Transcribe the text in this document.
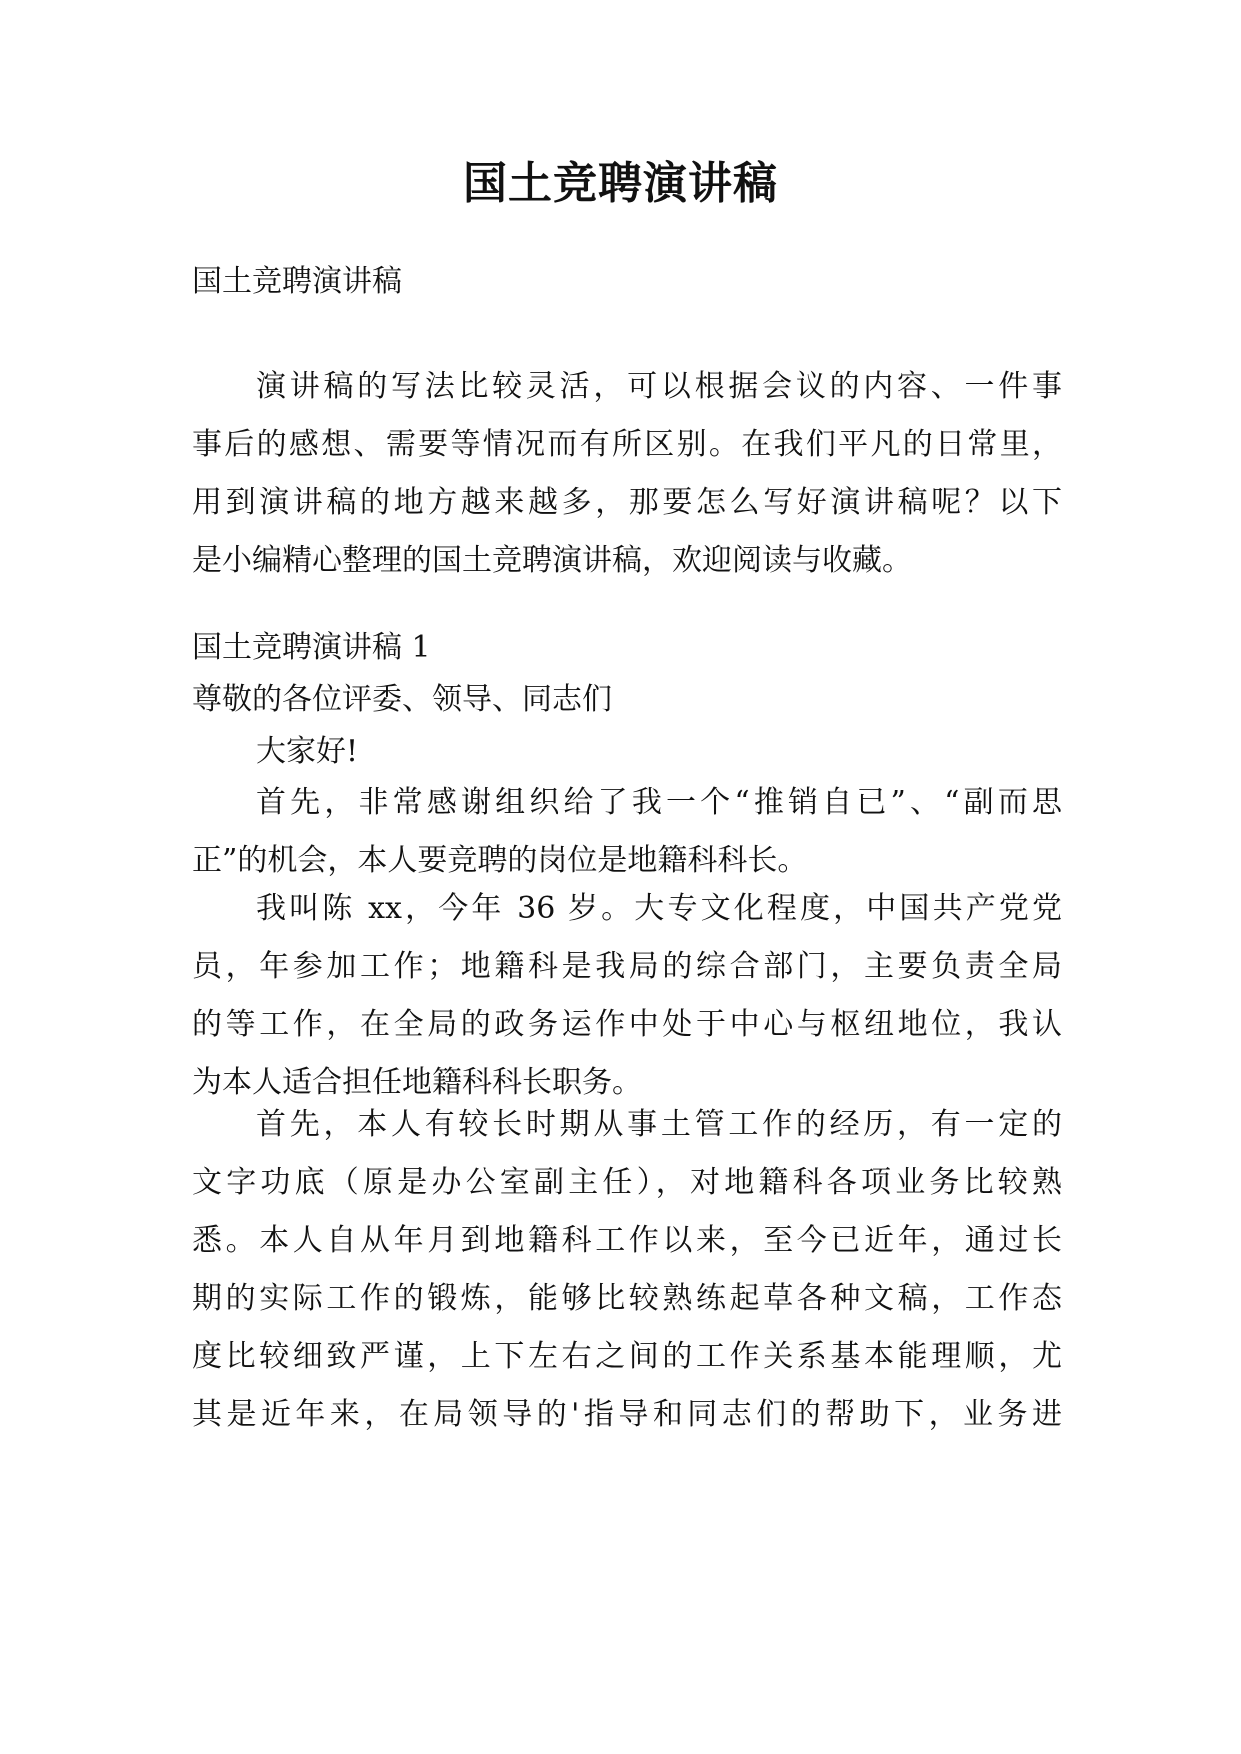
国土竞聘演讲稿

国土竞聘演讲稿

演讲稿的写法比较灵活，可以根据会议的内容、一件事
事后的感想、需要等情况而有所区别。在我们平凡的日常里，
用到演讲稿的地方越来越多，那要怎么写好演讲稿呢？以下
是小编精心整理的国土竞聘演讲稿，欢迎阅读与收藏。

国土竞聘演讲稿 1

尊敬的各位评委、领导、同志们

大家好!

首先，非常感谢组织给了我一个“推销自已”、“副而思
正”的机会，本人要竞聘的岗位是地籍科科长。
我叫陈 xx，今年 36 岁。大专文化程度，中国共产党党
员，年参加工作；地籍科是我局的综合部门，主要负责全局
的等工作，在全局的政务运作中处于中心与枢纽地位，我认
为本人适合担任地籍科科长职务。
首先，本人有较长时期从事土管工作的经历，有一定的
文字功底（原是办公室副主任），对地籍科各项业务比较熟
悉。本人自从年月到地籍科工作以来，至今已近年，通过长
期的实际工作的锻炼，能够比较熟练起草各种文稿，工作态
度比较细致严谨，上下左右之间的工作关系基本能理顺，尤
其是近年来，在局领导的'指导和同志们的帮助下，业务进
